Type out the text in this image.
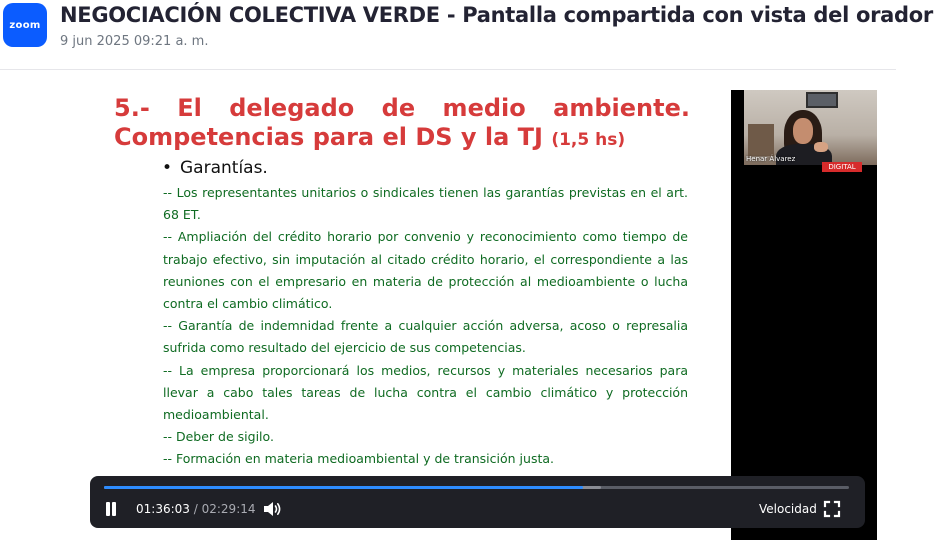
zoom NEGOCIACIÓN COLECTIVA VERDE - Pantalla compartida con vista del orador
9 jun 2025 09:21 a. m.
5.- El delegado de medio ambiente.
Competencias para el DS y la TJ (1,5 hs)
• Garantías.

-- Los representantes unitarios o sindicales tienen las garantías previstas en el art. 68 ET.

-- Ampliación del crédito horario por convenio y reconocimiento como tiempo de trabajo efectivo, sin imputación al citado crédito horario, el correspondiente a las reuniones con el empresario en materia de protección al medioambiente o lucha contra el cambio climático.

-- Garantía de indemnidad frente a cualquier acción adversa, acoso o represalia sufrida como resultado del ejercicio de sus competencias.

-- La empresa proporcionará los medios, recursos y materiales necesarios para llevar a cabo tales tareas de lucha contra el cambio climático y protección medioambiental.

-- Deber de sigilo.

-- Formación en materia medioambiental y de transición justa.

Henar Álvarez
DIGITAL
01:36:03 / 02:29:14	Velocidad
